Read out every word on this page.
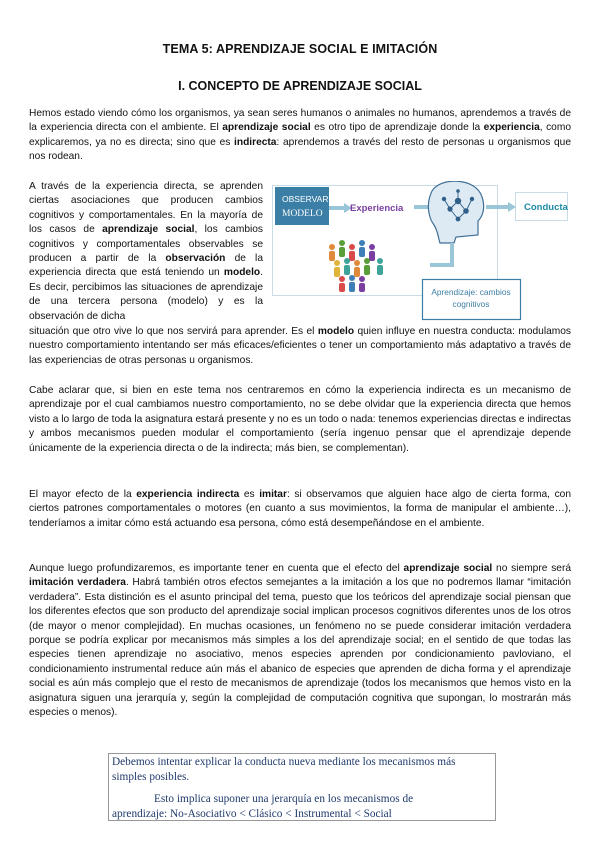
TEMA 5: APRENDIZAJE SOCIAL E IMITACIÓN
I. CONCEPTO DE APRENDIZAJE SOCIAL

Hemos estado viendo cómo los organismos, ya sean seres humanos o animales no humanos, aprendemos a través de la experiencia directa con el ambiente. El aprendizaje social es otro tipo de aprendizaje donde la experiencia, como explicaremos, ya no es directa; sino que es indirecta: aprendemos a través del resto de personas u organismos que nos rodean.

A través de la experiencia directa, se aprenden ciertas asociaciones que producen cambios cognitivos y comportamentales. En la mayoría de los casos de aprendizaje social, los cambios cognitivos y comportamentales observables se producen a partir de la observación de la experiencia directa que está teniendo un modelo. Es decir, percibimos las situaciones de aprendizaje de una tercera persona (modelo) y es la observación de dicha

OBSERVAR
MODELO	Experiencia	Conducta
Aprendizaje: cambios
cognitivos

situación que otro vive lo que nos servirá para aprender. Es el modelo quien influye en nuestra conducta: modulamos nuestro comportamiento intentando ser más eficaces/eficientes o tener un comportamiento más adaptativo a través de las experiencias de otras personas u organismos.

Cabe aclarar que, si bien en este tema nos centraremos en cómo la experiencia indirecta es un mecanismo de aprendizaje por el cual cambiamos nuestro comportamiento, no se debe olvidar que la experiencia directa que hemos visto a lo largo de toda la asignatura estará presente y no es un todo o nada: tenemos experiencias directas e indirectas y ambos mecanismos pueden modular el comportamiento (sería ingenuo pensar que el aprendizaje depende únicamente de la experiencia directa o de la indirecta; más bien, se complementan).

El mayor efecto de la experiencia indirecta es imitar: si observamos que alguien hace algo de cierta forma, con ciertos patrones comportamentales o motores (en cuanto a sus movimientos, la forma de manipular el ambiente…), tenderíamos a imitar cómo está actuando esa persona, cómo está desempeñándose en el ambiente.

Aunque luego profundizaremos, es importante tener en cuenta que el efecto del aprendizaje social no siempre será imitación verdadera. Habrá también otros efectos semejantes a la imitación a los que no podremos llamar “imitación verdadera”. Esta distinción es el asunto principal del tema, puesto que los teóricos del aprendizaje social piensan que los diferentes efectos que son producto del aprendizaje social implican procesos cognitivos diferentes unos de los otros (de mayor o menor complejidad). En muchas ocasiones, un fenómeno no se puede considerar imitación verdadera porque se podría explicar por mecanismos más simples a los del aprendizaje social; en el sentido de que todas las especies tienen aprendizaje no asociativo, menos especies aprenden por condicionamiento pavloviano, el condicionamiento instrumental reduce aún más el abanico de especies que aprenden de dicha forma y el aprendizaje social es aún más complejo que el resto de mecanismos de aprendizaje (todos los mecanismos que hemos visto en la asignatura siguen una jerarquía y, según la complejidad de computación cognitiva que supongan, lo mostrarán más especies o menos).

Debemos intentar explicar la conducta nueva mediante los mecanismos más simples posibles.

Esto implica suponer una jerarquía en los mecanismos de

aprendizaje: No-Asociativo < Clásico < Instrumental < Social
